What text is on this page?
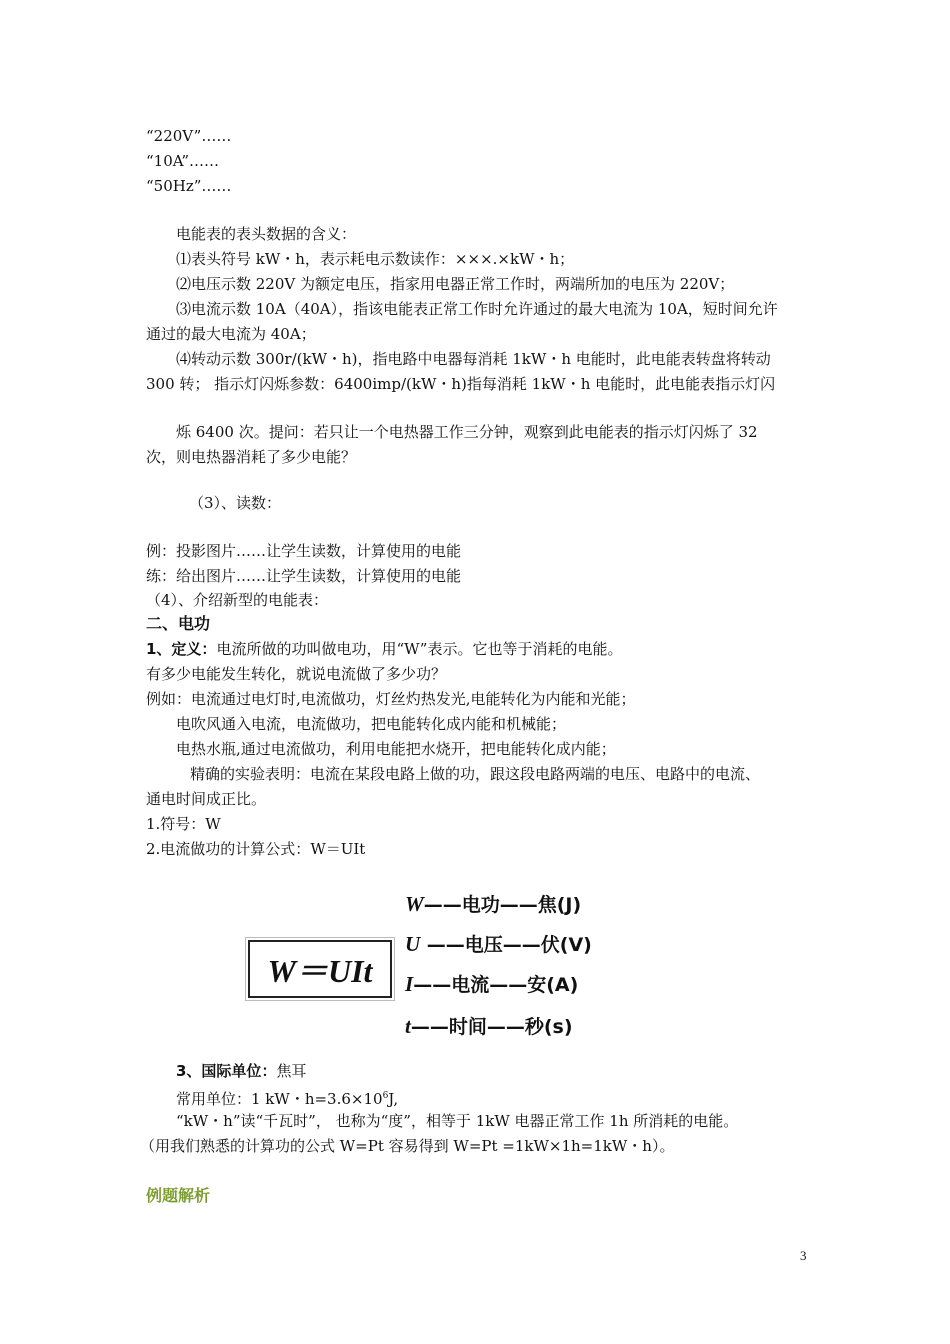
“220V”……
“10A”……
“50Hz”……
电能表的表头数据的含义：
⑴表头符号 kW・h，表示耗电示数读作：×××.×kW・h；
⑵电压示数 220V 为额定电压，指家用电器正常工作时，两端所加的电压为 220V；
⑶电流示数 10A（40A），指该电能表正常工作时允许通过的最大电流为 10A，短时间允许
通过的最大电流为 40A；
⑷转动示数 300r/(kW・h)，指电路中电器每消耗 1kW・h 电能时，此电能表转盘将转动
300 转； 指示灯闪烁参数：6400imp/(kW・h)指每消耗 1kW・h 电能时，此电能表指示灯闪
烁 6400 次。提问：若只让一个电热器工作三分钟，观察到此电能表的指示灯闪烁了 32
次，则电热器消耗了多少电能？
（3）、读数：
例：投影图片……让学生读数，计算使用的电能
练：给出图片……让学生读数，计算使用的电能
（4）、介绍新型的电能表：
二、电功
1、定义：电流所做的功叫做电功，用“W”表示。它也等于消耗的电能。
有多少电能发生转化，就说电流做了多少功？
例如：电流通过电灯时,电流做功，灯丝灼热发光,电能转化为内能和光能；
电吹风通入电流，电流做功，把电能转化成内能和机械能；
电热水瓶,通过电流做功，利用电能把水烧开，把电能转化成内能；
精确的实验表明：电流在某段电路上做的功，跟这段电路两端的电压、电路中的电流、
通电时间成正比。
1.符号：W
2.电流做功的计算公式：W＝UIt
W＝UIt
W——电功——焦(J)
U ——电压——伏(V)
I——电流——安(A)
t——时间——秒(s)
3、国际单位：焦耳
常用单位：1 kW・$h=3.6\times 10^6J$,
“kW・h”读“千瓦时”， 也称为“度”，相等于 1kW 电器正常工作 1h 所消耗的电能。
（用我们熟悉的计算功的公式 W=Pt 容易得到 W=Pt =1kW×1h=1kW・h）。
例题解析
3
